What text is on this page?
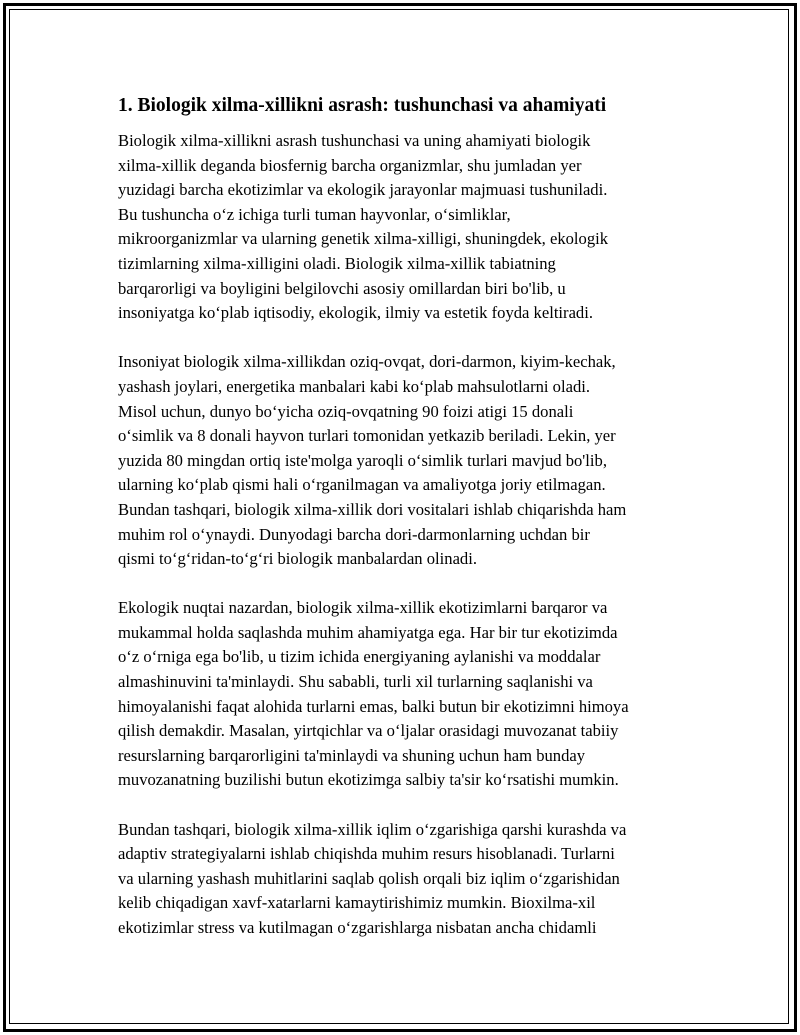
1. Biologik xilma-xillikni asrash: tushunchasi va ahamiyati
Biologik xilma-xillikni asrash tushunchasi va uning ahamiyati biologik
xilma-xillik deganda biosfernig barcha organizmlar, shu jumladan yer
yuzidagi barcha ekotizimlar va ekologik jarayonlar majmuasi tushuniladi.
Bu tushuncha o‘z ichiga turli tuman hayvonlar, o‘simliklar,
mikroorganizmlar va ularning genetik xilma-xilligi, shuningdek, ekologik
tizimlarning xilma-xilligini oladi. Biologik xilma-xillik tabiatning
barqarorligi va boyligini belgilovchi asosiy omillardan biri bo'lib, u
insoniyatga ko‘plab iqtisodiy, ekologik, ilmiy va estetik foyda keltiradi.
Insoniyat biologik xilma-xillikdan oziq-ovqat, dori-darmon, kiyim-kechak,
yashash joylari, energetika manbalari kabi ko‘plab mahsulotlarni oladi.
Misol uchun, dunyo bo‘yicha oziq-ovqatning 90 foizi atigi 15 donali
o‘simlik va 8 donali hayvon turlari tomonidan yetkazib beriladi. Lekin, yer
yuzida 80 mingdan ortiq iste'molga yaroqli o‘simlik turlari mavjud bo'lib,
ularning ko‘plab qismi hali o‘rganilmagan va amaliyotga joriy etilmagan.
Bundan tashqari, biologik xilma-xillik dori vositalari ishlab chiqarishda ham
muhim rol o‘ynaydi. Dunyodagi barcha dori-darmonlarning uchdan bir
qismi to‘g‘ridan-to‘g‘ri biologik manbalardan olinadi.
Ekologik nuqtai nazardan, biologik xilma-xillik ekotizimlarni barqaror va
mukammal holda saqlashda muhim ahamiyatga ega. Har bir tur ekotizimda
o‘z o‘rniga ega bo'lib, u tizim ichida energiyaning aylanishi va moddalar
almashinuvini ta'minlaydi. Shu sababli, turli xil turlarning saqlanishi va
himoyalanishi faqat alohida turlarni emas, balki butun bir ekotizimni himoya
qilish demakdir. Masalan, yirtqichlar va o‘ljalar orasidagi muvozanat tabiiy
resurslarning barqarorligini ta'minlaydi va shuning uchun ham bunday
muvozanatning buzilishi butun ekotizimga salbiy ta'sir ko‘rsatishi mumkin.
Bundan tashqari, biologik xilma-xillik iqlim o‘zgarishiga qarshi kurashda va
adaptiv strategiyalarni ishlab chiqishda muhim resurs hisoblanadi. Turlarni
va ularning yashash muhitlarini saqlab qolish orqali biz iqlim o‘zgarishidan
kelib chiqadigan xavf-xatarlarni kamaytirishimiz mumkin. Bioxilma-xil
ekotizimlar stress va kutilmagan o‘zgarishlarga nisbatan ancha chidamli
